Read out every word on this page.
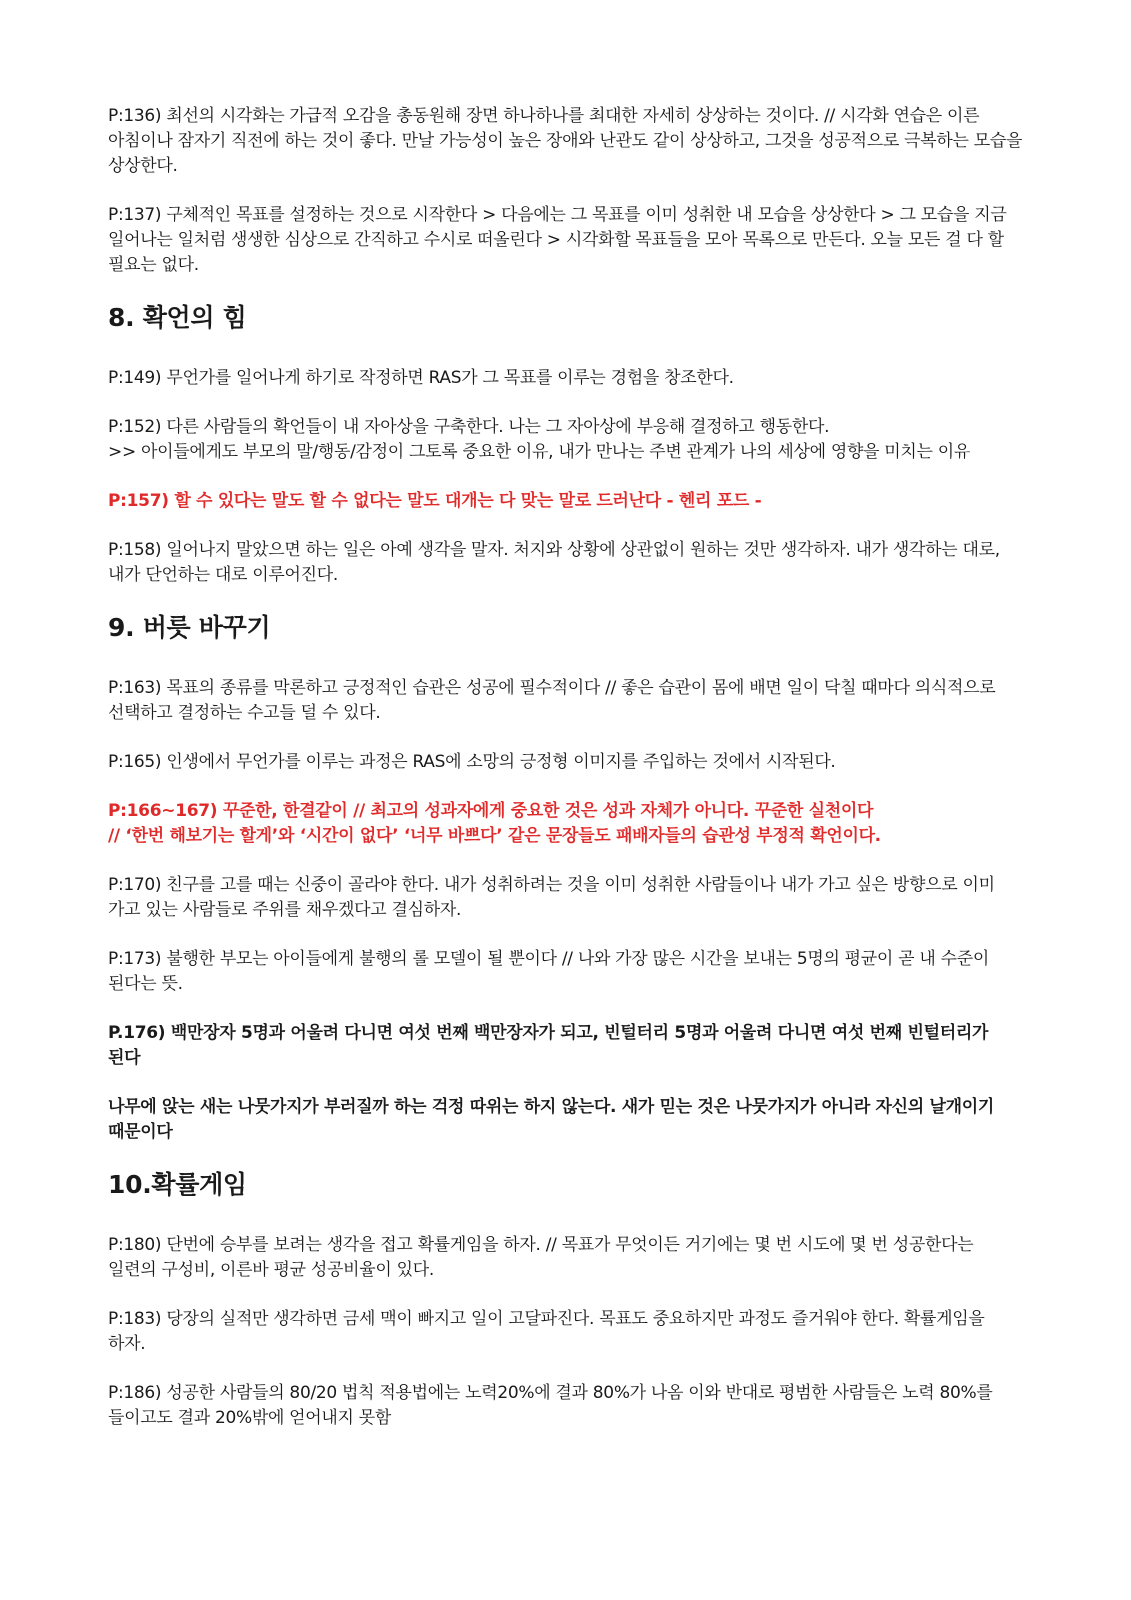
P:136) 최선의 시각화는 가급적 오감을 총동원해 장면 하나하나를 최대한 자세히 상상하는 것이다. // 시각화 연습은 이른 아침이나 잠자기 직전에 하는 것이 좋다. 만날 가능성이 높은 장애와 난관도 같이 상상하고, 그것을 성공적으로 극복하는 모습을 상상한다.

P:137) 구체적인 목표를 설정하는 것으로 시작한다 > 다음에는 그 목표를 이미 성취한 내 모습을 상상한다 > 그 모습을 지금 일어나는 일처럼 생생한 심상으로 간직하고 수시로 떠올린다 > 시각화할 목표들을 모아 목록으로 만든다. 오늘 모든 걸 다 할 필요는 없다.

8. 확언의 힘

P:149) 무언가를 일어나게 하기로 작정하면 RAS가 그 목표를 이루는 경험을 창조한다.

P:152) 다른 사람들의 확언들이 내 자아상을 구축한다. 나는 그 자아상에 부응해 결정하고 행동한다.
>> 아이들에게도 부모의 말/행동/감정이 그토록 중요한 이유, 내가 만나는 주변 관계가 나의 세상에 영향을 미치는 이유

P:157) 할 수 있다는 말도 할 수 없다는 말도 대개는 다 맞는 말로 드러난다 - 헨리 포드 -

P:158) 일어나지 말았으면 하는 일은 아예 생각을 말자. 처지와 상황에 상관없이 원하는 것만 생각하자. 내가 생각하는 대로, 내가 단언하는 대로 이루어진다.

9. 버릇 바꾸기

P:163) 목표의 종류를 막론하고 긍정적인 습관은 성공에 필수적이다 // 좋은 습관이 몸에 배면 일이 닥칠 때마다 의식적으로 선택하고 결정하는 수고들 덜 수 있다.

P:165) 인생에서 무언가를 이루는 과정은 RAS에 소망의 긍정형 이미지를 주입하는 것에서 시작된다.

P:166~167) 꾸준한, 한결같이 // 최고의 성과자에게 중요한 것은 성과 자체가 아니다. 꾸준한 실천이다
// ‘한번 해보기는 할게’와 ‘시간이 없다’ ‘너무 바쁘다’ 같은 문장들도 패배자들의 습관성 부정적 확언이다.

P:170) 친구를 고를 때는 신중이 골라야 한다. 내가 성취하려는 것을 이미 성취한 사람들이나 내가 가고 싶은 방향으로 이미 가고 있는 사람들로 주위를 채우겠다고 결심하자.

P:173) 불행한 부모는 아이들에게 불행의 롤 모델이 될 뿐이다 // 나와 가장 많은 시간을 보내는 5명의 평균이 곧 내 수준이 된다는 뜻.

P.176) 백만장자 5명과 어울려 다니면 여섯 번째 백만장자가 되고, 빈털터리 5명과 어울려 다니면 여섯 번째 빈털터리가 된다

나무에 앉는 새는 나뭇가지가 부러질까 하는 걱정 따위는 하지 않는다. 새가 믿는 것은 나뭇가지가 아니라 자신의 날개이기 때문이다

10.확률게임

P:180) 단번에 승부를 보려는 생각을 접고 확률게임을 하자. // 목표가 무엇이든 거기에는 몇 번 시도에 몇 번 성공한다는 일련의 구성비, 이른바 평균 성공비율이 있다.

P:183) 당장의 실적만 생각하면 금세 맥이 빠지고 일이 고달파진다. 목표도 중요하지만 과정도 즐거워야 한다. 확률게임을 하자.

P:186) 성공한 사람들의 80/20 법칙 적용법에는 노력20%에 결과 80%가 나옴 이와 반대로 평범한 사람들은 노력 80%를 들이고도 결과 20%밖에 얻어내지 못함
